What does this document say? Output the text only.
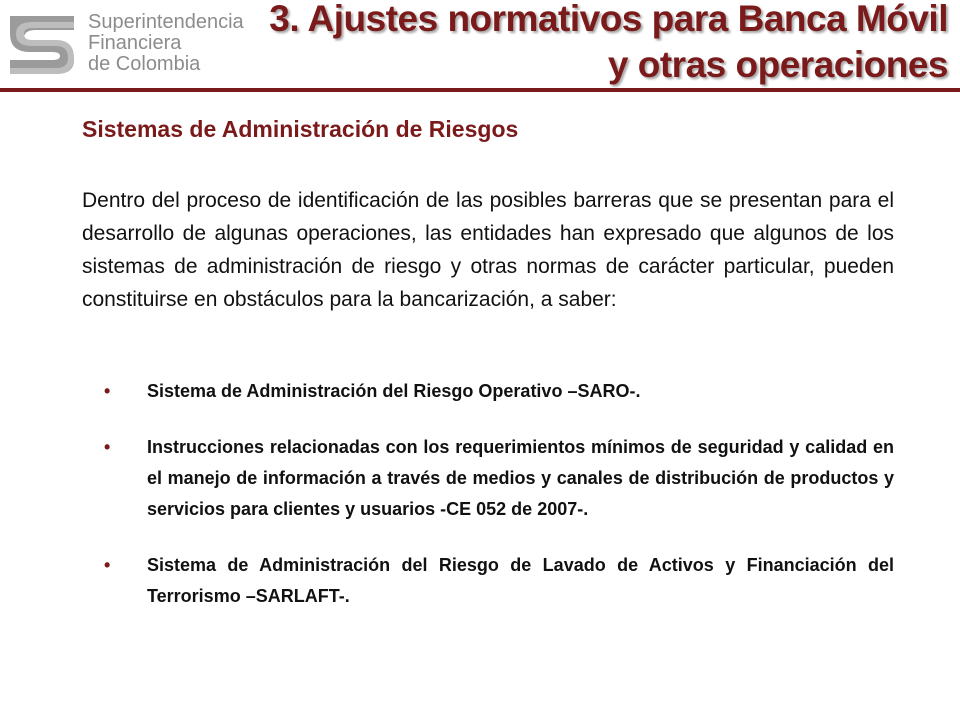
Superintendencia
Financiera
de Colombia
3. Ajustes normativos para Banca Móvil
y otras operaciones
Sistemas de Administración de Riesgos

Dentro del proceso de identificación de las posibles barreras que se presentan para el desarrollo de algunas operaciones, las entidades han expresado que algunos de los sistemas de administración de riesgo y otras normas de carácter particular, pueden constituirse en obstáculos para la bancarización, a saber:

• Sistema de Administración del Riesgo Operativo –SARO-.
• Instrucciones relacionadas con los requerimientos mínimos de seguridad y calidad en el manejo de información a través de medios y canales de distribución de productos y servicios para clientes y usuarios -CE 052 de 2007-.
• Sistema de Administración del Riesgo de Lavado de Activos y Financiación del Terrorismo –SARLAFT-.
